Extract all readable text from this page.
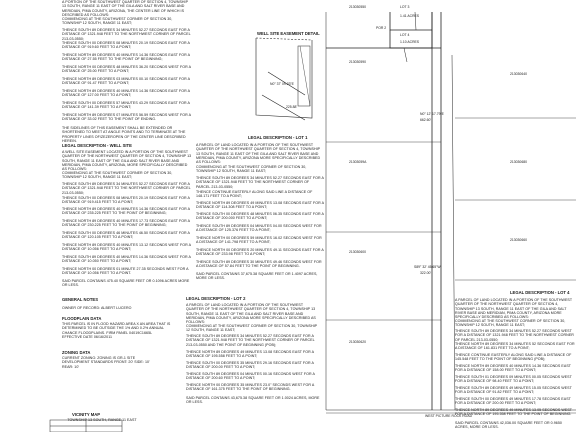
WELL SITE EASEMENT DETAIL
LOT 3
1.41 ACRES
POR 2
LOT 4
1.10 ACRES
213030550
213030590
21303059A
213030600
213030620
213030640
213030680
213030660
N0° 12' 17.79"E
N0° 37' 09.23"E
S89° 32' 45.65"W
662.60'
225.88'
322.00'
WEST PICTURE ROCK ROAD
A PORTION OF THE SOUTHWEST QUARTER OF SECTION 4, TOWNSHIP 13 SOUTH, RANGE 11 EAST OF THE GILA AND SALT RIVER BASE AND MERIDIAN, PIMA COUNTY, ARIZONA, THE CENTER LINE OF WHICH IS DESCRIBED AS FOLLOWS:
COMMENCING AT THE SOUTHWEST CORNER OF SECTION 30, TOWNSHIP 12 SOUTH, RANGE 11 EAST;
THENCE SOUTH 89 DEGREES 34 MINUTES 52.27 SECONDS EAST FOR A DISTANCE OF 1321.948 FEET TO THE NORTHWEST CORNER OF PARCEL 213-03-0550;
THENCE SOUTH 00 DEGREES 08 MINUTES 20.19 SECONDS EAST FOR A DISTANCE OF 919.60 FEET TO A POINT;
THENCE NORTH 89 DEGREES 40 MINUTES 14.36 SECONDS EAST FOR A DISTANCE OF 27.55 FEET TO THE POINT OF BEGINNING;
THENCE NORTH 00 DEGREES 48 MINUTES 36.20 SECONDS WEST FOR A DISTANCE OF 25.00 FEET TO A POINT;
THENCE NORTH 89 DEGREES 03 MINUTES 00.10 SECONDS EAST FOR A DISTANCE OF 91.47 FEET TO A POINT;
THENCE NORTH 89 DEGREES 40 MINUTES 14.36 SECONDS EAST FOR A DISTANCE OF 127.00 FEET TO A POINT;
THENCE SOUTH 00 DEGREES 57 MINUTES 43.29 SECONDS EAST FOR A DISTANCE OF 141.39 FEET TO A POINT;
THENCE NORTH 89 DEGREES 07 MINUTES 56.59 SECONDS WEST FOR A DISTANCE OF 33.02 FEET TO THE POINT OF ENDING.
THE SIDELINES OF THIS EASEMENT SHALL BE EXTENDED OR SHORTENED TO MEET AT ANGLE POINTS AND TO TERMINATE AT THE PROPERTY LINES OF/ZEZEROPEN OF THE CENTER LINE DESCRIBED HEREIN.
LEGAL DESCRIPTION - WELL SITE
A WELL SITE EASEMENT LOCATED IN A PORTION OF THE SOUTHWEST QUARTER OF THE NORTHWEST QUARTER OF SECTION 4, TOWNSHIP 13 SOUTH, RANGE 11 EAST OF THE GILA AND SALT RIVER BASE AND MERIDIAN, PIMA COUNTY, ARIZONA, MORE SPECIFICALLY DESCRIBED AS FOLLOWS:
COMMENCING AT THE SOUTHWEST CORNER OF SECTION 30, TOWNSHIP 12 SOUTH, RANGE 11 EAST;
THENCE SOUTH 89 DEGREES 34 MINUTES 52.27 SECONDS EAST FOR A DISTANCE OF 1321.948 FEET TO THE NORTHWEST CORNER OF PARCEL 213-03-0550;
THENCE SOUTH 00 DEGREES 08 MINUTES 20.19 SECONDS EAST FOR A DISTANCE OF 919.415 FEET TO A POINT;
THENCE NORTH 89 DEGREES 40 MINUTES 14.36 SECONDS EAST FOR A DISTANCE OF 235.225 FEET TO THE POINT OF BEGINNING;
THENCE NORTH 89 DEGREES 40 MINUTES 17.73 SECONDS EAST FOR A DISTANCE OF 230.225 FEET TO THE POINT OF BEGINNING;
THENCE SOUTH 00 DEGREES 46 MINUTES 46.50 SECONDS EAST FOR A DISTANCE OF 120.105 FEET TO A POINT;
THENCE NORTH 89 DEGREES 40 MINUTES 13.12 SECONDS WEST FOR A DISTANCE OF 10.056 FEET TO A POINT;
THENCE SOUTH 89 DEGREES 40 MINUTES 14.36 SECONDS WEST FOR A DISTANCE OF 10.050 FEET TO A POINT;
THENCE NORTH 00 DEGREES 01 MINUTE 27.35 SECONDS WEST FOR A DISTANCE OF 10.056 FEET TO A POINT.
SAID PARCEL CONTAINS 475.40 SQUARE FEET OR 0.1096 ACRES MORE OR LESS.
GENERAL NOTES
OWNER OF RECORD: ALBERT LUCERO
FLOODPLAIN DATA
THIS PARCEL IS IN FLOOD HAZARD AREA X AN AREA THAT IS DETERMINED TO BE OUTSIDE THE 1% AND 0.2% ANNUAL CHANCE FLOODPLAINS. FIRM PANEL 04019C1665L EFFECTIVE DATE 06/16/2011
ZONING DATA
CURRENT ZONING: ZONING IS GR-1 SITE DEVELOPMENT STANDARDS FRONT: 20' SIDE: 10' REAR: 10'
VICINITY MAP
TOWNSHIP 13 SOUTH, RANGE 11 EAST
LEGAL DESCRIPTION - LOT 1
A PARCEL OF LAND LOCATED IN A PORTION OF THE SOUTHWEST QUARTER OF THE NORTHWEST QUARTER OF SECTION 4, TOWNSHIP 13 SOUTH, RANGE 11 EAST OF THE GILA AND SALT RIVER BASE AND MERIDIAN, PIMA COUNTY, ARIZONA MORE SPECIFICALLY DESCRIBED AS FOLLOWS:
COMMENCING AT THE SOUTHWEST CORNER OF SECTION 30, TOWNSHIP 12 SOUTH, RANGE 11 EAST;
THENCE SOUTH 89 DEGREES 34 MINUTES 52.27 SECONDS EAST FOR A DISTANCE OF 1321.948 FEET TO THE NORTHWEST CORNER OF PARCEL 213-03-0550;
THENCE CONTINUE EASTERLY ALONG SAID LINE A DISTANCE OF 148.171 FEET TO A POINT;
THENCE NORTH 89 DEGREES 49 MINUTES 13.08 SECONDS EAST FOR A DISTANCE OF 114.308 FEET TO A POINT;
THENCE SOUTH 00 DEGREES 48 MINUTES 06.35 SECONDS EAST FOR A DISTANCE OF 200.000 FEET TO A POINT;
THENCE SOUTH 89 DEGREES 04 MINUTES 04.00 SECONDS WEST FOR A DISTANCE OF 125.376 FEET TO A POINT;
THENCE NORTH 00 DEGREES 59 MINUTES 16.02 SECONDS WEST FOR A DISTANCE OF 141.798 FEET TO A POINT;
THENCE NORTH 00 DEGREES 20 MINUTES 49.11 SECONDS EAST FOR A DISTANCE OF 233.98 FEET TO A POINT;
THENCE SOUTH 89 DEGREES 30 MINUTES 49.46 SECONDS WEST FOR A DISTANCE OF 57.84 FEET TO THE POINT OF BEGINNING.
SAID PARCEL CONTAINS 37,675.38 SQUARE FEET OR 1.4097 ACRES, MORE OR LESS.
LEGAL DESCRIPTION - LOT 2
A PARCEL OF LAND LOCATED IN A PORTION OF THE SOUTHWEST QUARTER OF THE NORTHWEST QUARTER OF SECTION 4, TOWNSHIP 13 SOUTH, RANGE 11 EAST OF THE GILA AND SALT RIVER BASE AND MERIDIAN, PIMA COUNTY, ARIZONA MORE SPECIFICALLY DESCRIBED AS FOLLOWS:
COMMENCING AT THE SOUTHWEST CORNER OF SECTION 30, TOWNSHIP 12 SOUTH, RANGE 11 EAST;
THENCE SOUTH 89 DEGREES 34 MINUTES 52.27 SECONDS EAST FOR A DISTANCE OF 1321.948 FEET TO THE NORTHWEST CORNER OF PARCEL 213-03-0550 AND THE POINT OF BEGINNING (POB);
THENCE NORTH 89 DEGREES 49 MINUTES 13.08 SECONDS EAST FOR A DISTANCE OF 195.558 FEET TO A POINT;
THENCE SOUTH 00 DEGREES 35 MINUTES 29.16 SECONDS EAST FOR A DISTANCE OF 200.00 FEET TO A POINT;
THENCE SOUTH 89 DEGREES 04 MINUTES 00.16 SECONDS WEST FOR A DISTANCE OF 200.60 FEET TO A POINT;
THENCE NORTH 00 DEGREES 35 MINUTES 23.0" SECONDS WEST FOR A DISTANCE OF 161.375 FEET TO THE POINT OF BEGINNING.
SAID PARCEL CONTAINS 43,675.38 SQUARE FEET OR 1.0024 ACRES, MORE OR LESS.
LEGAL DESCRIPTION - LOT 4
A PARCEL OF LAND LOCATED IN A PORTION OF THE SOUTHWEST QUARTER OF THE NORTHWEST QUARTER OF SECTION 4, TOWNSHIP 13 SOUTH, RANGE 11 EAST OF THE GILA AND SALT RIVER BASE AND MERIDIAN, PIMA COUNTY, ARIZONA MORE SPECIFICALLY DESCRIBED AS FOLLOWS:
COMMENCING AT THE SOUTHWEST CORNER OF SECTION 30, TOWNSHIP 12 SOUTH, RANGE 11 EAST;
THENCE SOUTH 89 DEGREES 34 MINUTES 52.27 SECONDS WEST FOR A DISTANCE OF 1321.948 FEET TO THE NORTHWEST CORNER OF PARCEL 213-03-0550;
THENCE NORTH 89 DEGREES 34 MINUTES 52 SECONDS EAST FOR A DISTANCE OF 161.831 FEET TO A POINT;
THENCE CONTINUE EASTERLY ALONG SAID LINE A DISTANCE OF 145.548 FEET TO THE POINT OF BEGINNING (POB);
THENCE NORTH 89 DEGREES 40 MINUTES 14.36 SECONDS EAST FOR A DISTANCE OF 158.00 FEET TO A POINT;
THENCE SOUTH 01 DEGREES 09 MINUTES 00.05 SECONDS WEST FOR A DISTANCE OF 98.40 FEET TO A POINT;
THENCE SOUTH 89 DEGREES 49 MINUTES 15.05 SECONDS WEST FOR A DISTANCE OF 91.82 FEET TO A POINT;
THENCE SOUTH 00 DEGREES 49 MINUTES 17.78 SECONDS EAST FOR A DISTANCE OF 200.00 FEET TO A POINT;
THENCE NORTH 89 DEGREES 49 MINUTES 13.05 SECONDS WEST FOR A DISTANCE OF 195.558 FEET TO THE POINT OF BEGINNING.
SAID PARCEL CONTAINS 42,036.00 SQUARE FEET OR 0.9650 ACRES, MORE OR LESS.
